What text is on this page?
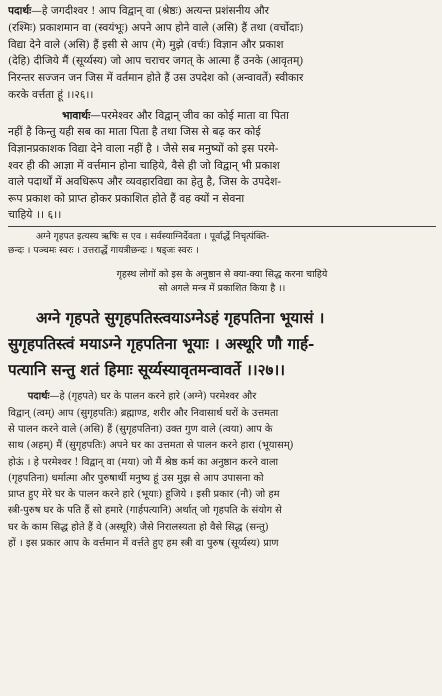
पदार्थः—हे जगदीश्वर ! आप विद्वान् वा (श्रेष्ठः) अत्यन्त प्रशंसनीय और
(रश्मिः) प्रकाशमान वा (स्वयंभूः) अपने आप होने वाले (असि) हैं तथा (वर्चोदाः)
विद्या देने वाले (असि) हैं इसी से आप (मे) मुझे (वर्चः) विज्ञान और प्रकाश
(देहि) दीजिये मैं (सूर्य्यस्य) जो आप चराचर जगत् के आत्मा हैं उनके (आवृतम्)
निरन्तर सज्जन जन जिस में वर्तमान होते हैं उस उपदेश को (अन्वावर्ते) स्वीकार
करके वर्त्तता हूं ।।२६।।

     भावार्थः—परमेश्वर और विद्वान् जीव का कोई माता वा पिता
नहीं है किन्तु यही सब का माता पिता है तथा जिस से बढ़ कर कोई
विज्ञानप्रकाशक विद्या देने वाला नहीं है । जैसे सब मनुष्यों को इस परमे-
श्वर ही की आज्ञा में वर्त्तमान होना चाहिये, वैसे ही जो विद्वान् भी प्रकाश
वाले पदार्थों में अवधिरूप और व्यवहारविद्या का हेतु है, जिस के उपदेश-
रूप प्रकाश को प्राप्त होकर प्रकाशित होते हैं वह क्यों न सेवना
चाहिये ।। ६।।

अग्ने गृहपत इत्यस्य ऋषिः स एव । सर्वस्याग्निर्देवता । पूर्वार्द्धे निचृत्पंक्ति-
छन्दः । पञ्चमः स्वरः । उत्तरार्द्धे गायत्रीछन्दः । षड्जः स्वरः ।

गृहस्थ लोगों को इस के अनुष्ठान से क्या-क्या सिद्ध करना चाहिये
सो अगले मन्त्र में प्रकाशित किया है ।।

अग्ने गृहपते सुगृहपतिस्त्वयाऽग्नेऽहं गृहपतिना भूयासं ।
सुगृहपतिस्त्वं मयाऽग्ने गृहपतिना भूयाः । अस्थूरि णौ गार्ह-
पत्यानि सन्तु शतं हिमाः सूर्य्यस्यावृतमन्वावर्ते ।।२७।।

  पदार्थः—हे (गृहपते) घर के पालन करने हारे (अग्ने) परमेश्वर और
विद्वान् (त्वम्) आप (सुगृहपतिः) ब्रह्माण्ड, शरीर और निवासार्थ घरों के उत्तमता
से पालन करने वाले (असि) हैं (सुगृहपतिना) उक्त गुण वाले (त्वया) आप के
साथ (अहम्) मैं (सुगृहपतिः) अपने घर का उत्तमता से पालन करने हारा (भूयासम्)
होऊं । हे परमेश्वर ! विद्वान् वा (मया) जो मैं श्रेष्ठ कर्म का अनुष्ठान करने वाला
(गृहपतिना) धर्मात्मा और पुरुषार्थी मनुष्य हूं उस मुझ से आप उपासना को
प्राप्त हुए मेरे घर के पालन करने हारे (भूयाः) हूजिये । इसी प्रकार (नौ) जो हम
स्त्री-पुरुष घर के पति हैं सो हमारे (गार्हपत्यानि) अर्थात् जो गृहपति के संयोग से
घर के काम सिद्ध होते हैं वे (अस्थूरि) जैसे निरालस्यता हो वैसे सिद्ध (सन्तु)
हों । इस प्रकार आप के वर्त्तमान में वर्त्तते हुए हम स्त्री वा पुरुष (सूर्य्यस्य) प्राण
